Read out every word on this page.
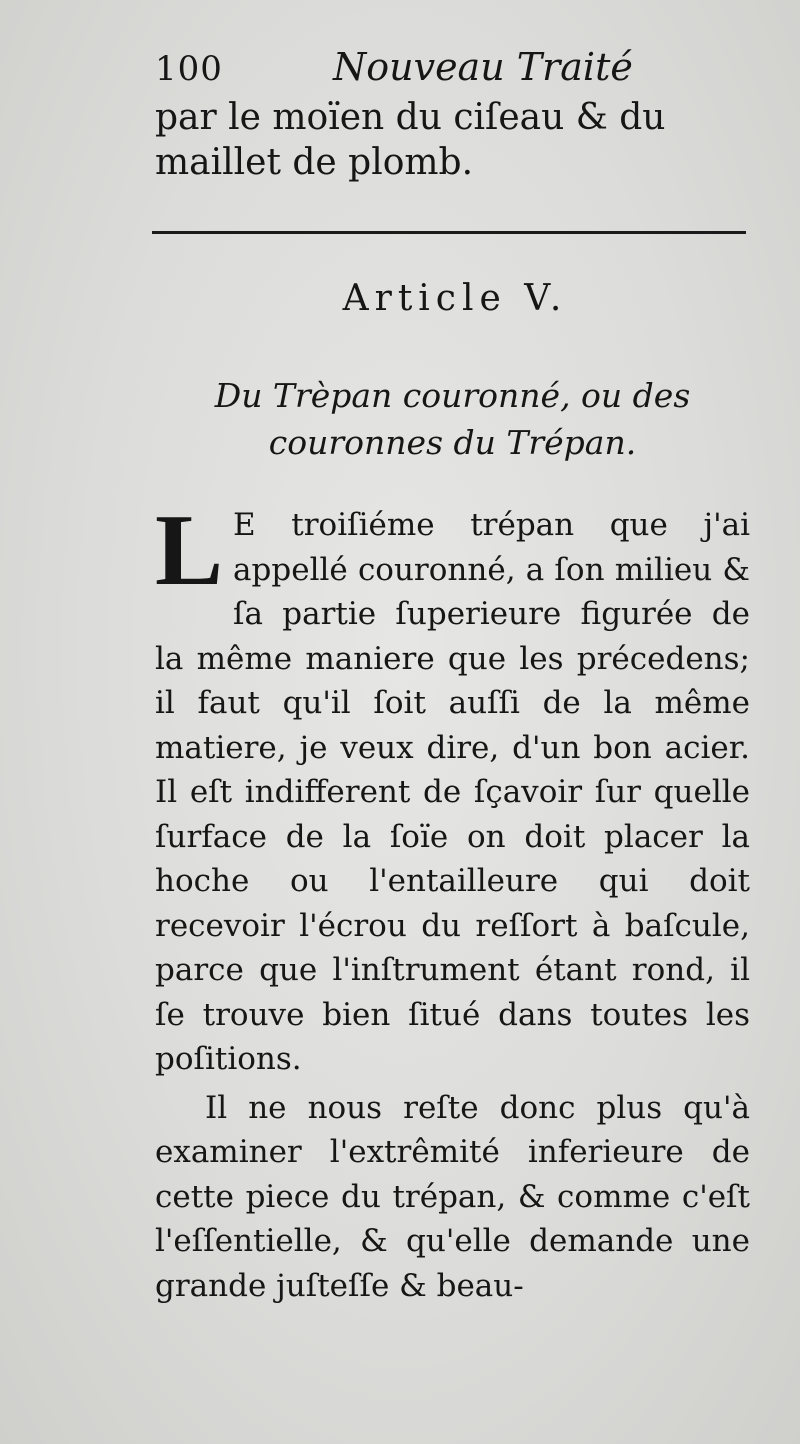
100	Nouveau Traité
par le moïen du ciſeau & du maillet de plomb.
Article V.
Du Trèpan couronné, ou des couronnes du Trépan.

L E troiſiéme trépan que j'ai appellé couronné, a ſon milieu & ſa partie ſuperieure figurée de la même maniere que les précedens; il faut qu'il ſoit auſſi de la même matiere, je veux dire, d'un bon acier. Il eſt indifferent de ſçavoir ſur quelle ſurface de la ſoïe on doit placer la hoche ou l'entailleure qui doit recevoir l'écrou du reſſort à baſcule, parce que l'inſtrument étant rond, il ſe trouve bien ſitué dans toutes les poſitions.

Il ne nous reſte donc plus qu'à examiner l'extrêmité inferieure de cette piece du trépan, & comme c'eſt l'eſſentielle, & qu'elle demande une grande juſteſſe & beau-
